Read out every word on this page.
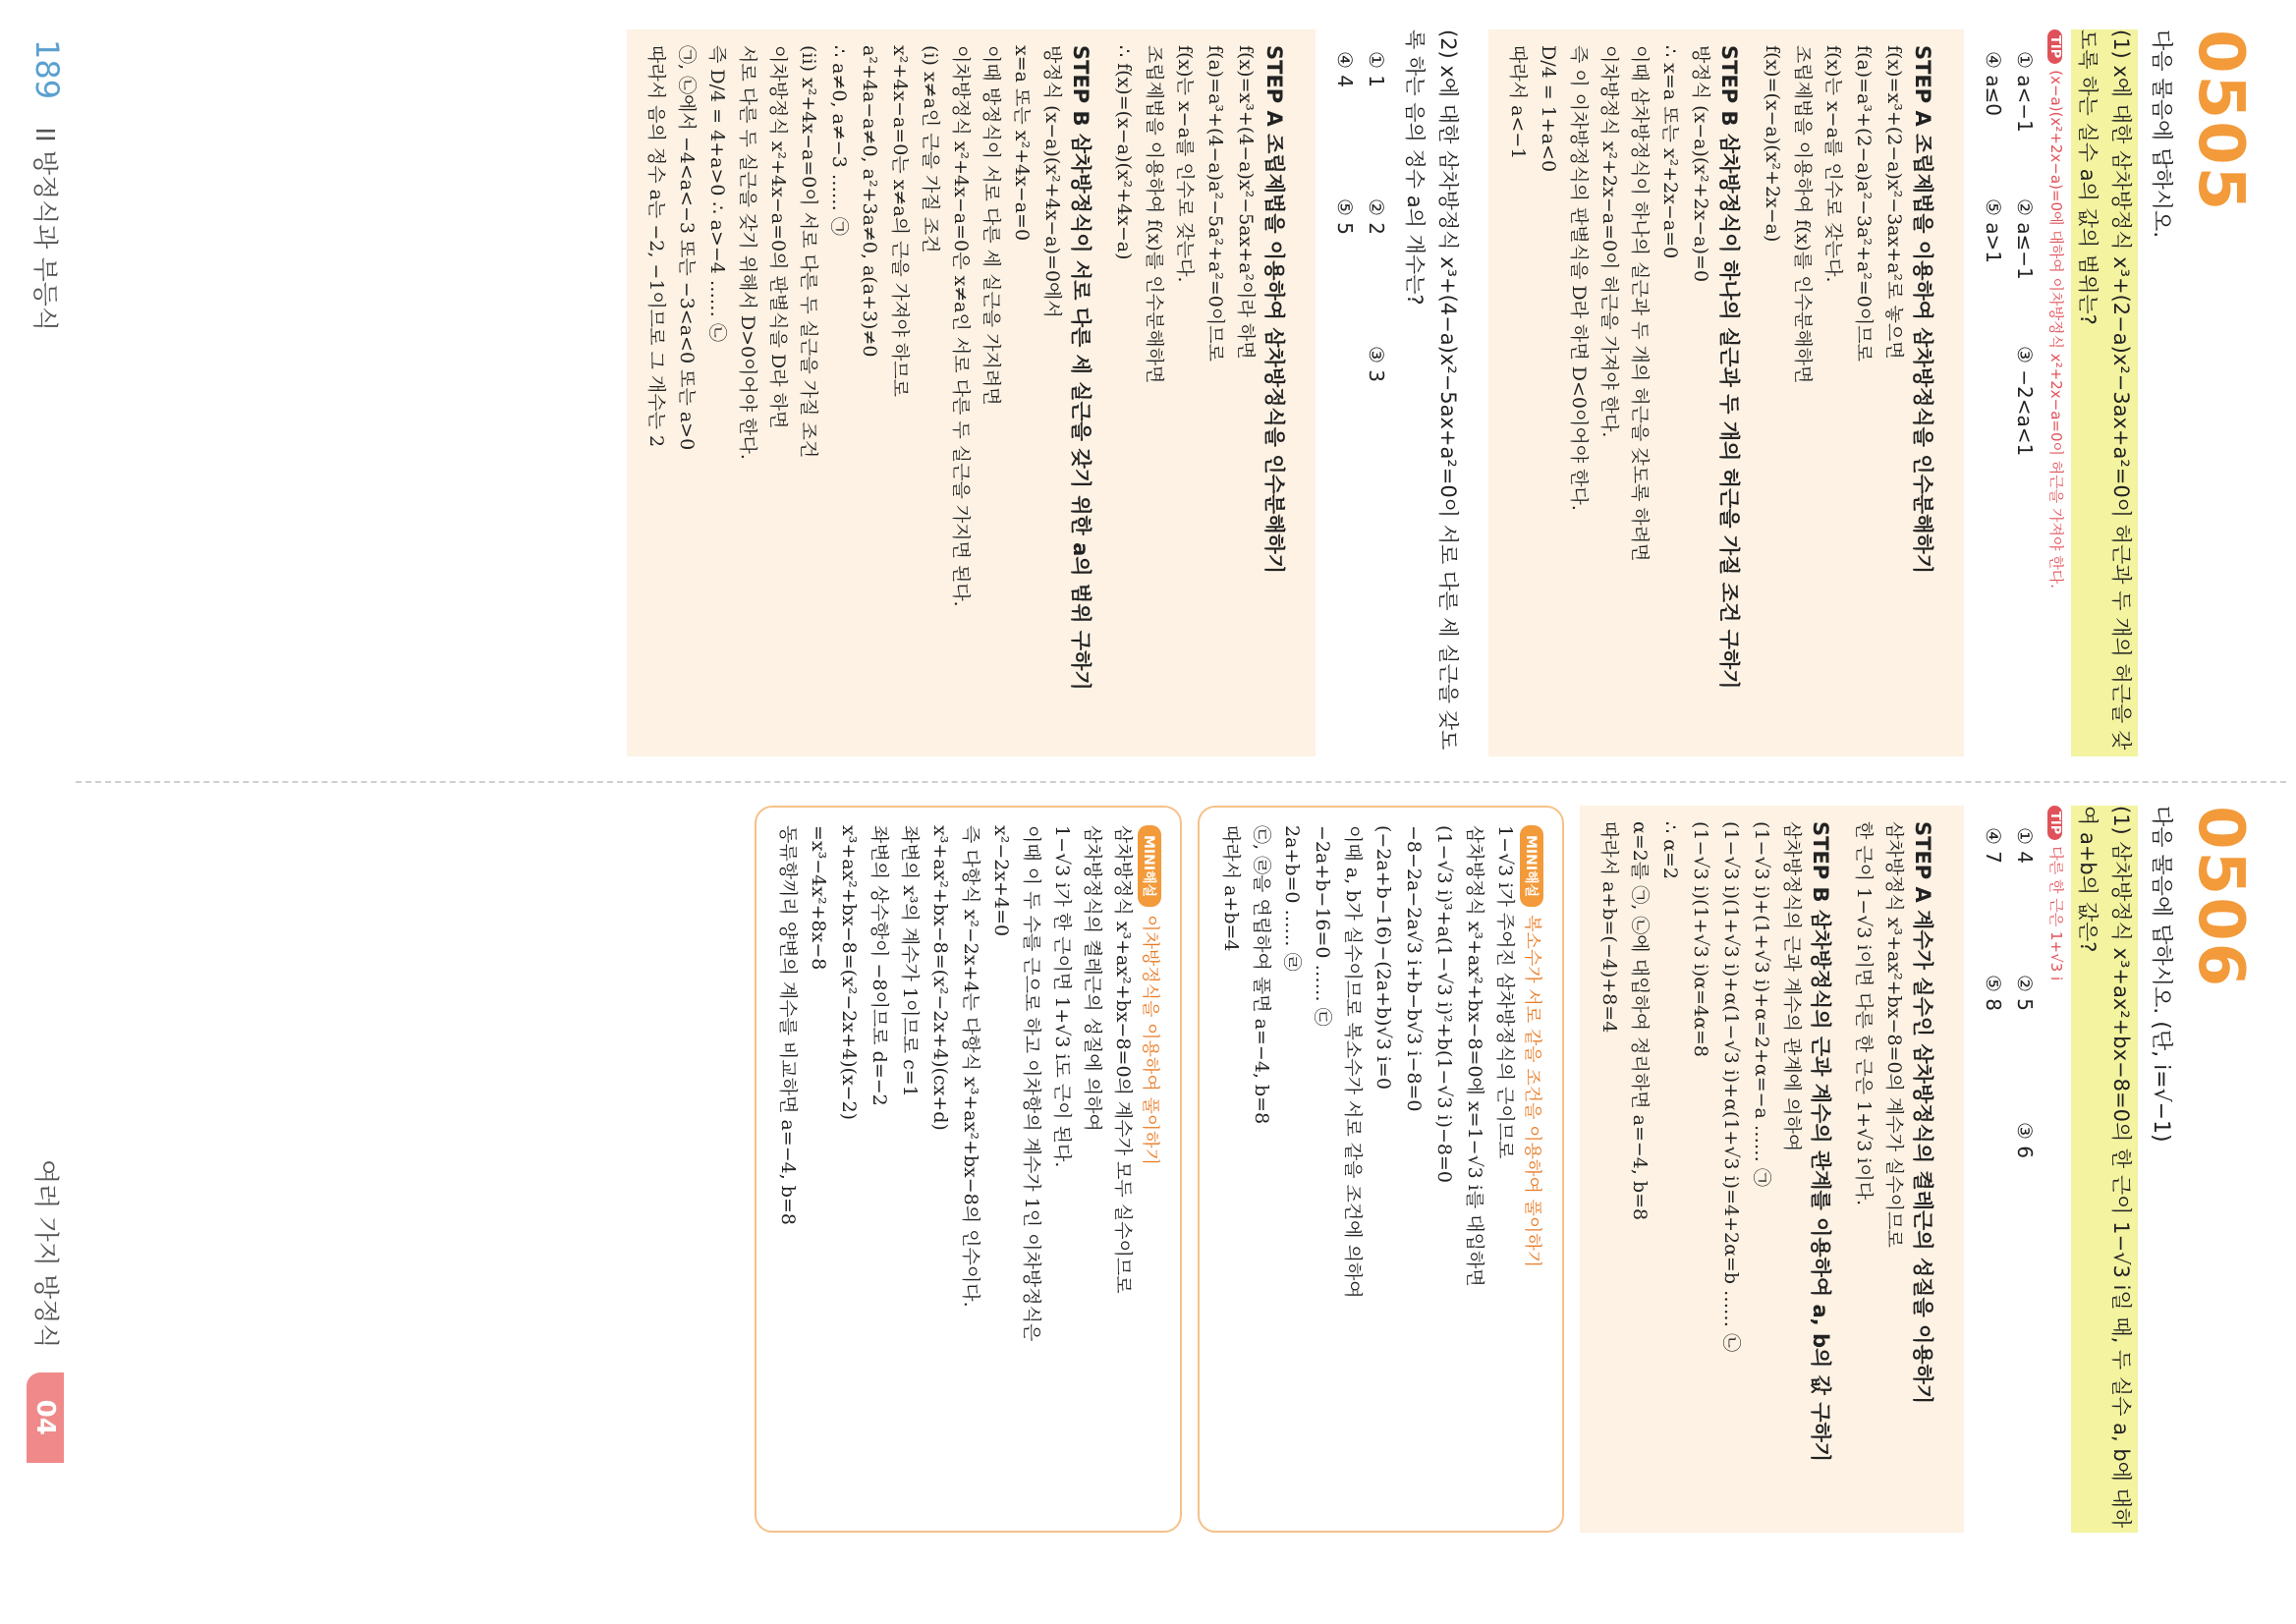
0505
다음 물음에 답하시오.
(1) x에 대한 삼차방정식 x³+(2−a)x²−3ax+a²=0이 허근과 두 개의 허근을 갖도록 하는 실수 a의 값의 범위는?
TIP(x−a)(x²+2x−a)=0에 대하여 이차방정식 x²+2x−a=0이 허근을 가져야 한다.
① a<−1
② a≤−1
③ −2<a<1
④ a≤0
⑤ a>1
STEP A 조립제법을 이용하여 삼차방정식을 인수분해하기
f(x)=x³+(2−a)x²−3ax+a²로 놓으면
f(a)=a³+(2−a)a²−3a²+a²=0이므로
f(x)는 x−a를 인수로 갖는다.
조립제법을 이용하여 f(x)를 인수분해하면
f(x)=(x−a)(x²+2x−a)
STEP B 삼차방정식이 하나의 실근과 두 개의 허근을 가질 조건 구하기
방정식 (x−a)(x²+2x−a)=0
∴ x=a 또는 x²+2x−a=0
이때 삼차방정식이 하나의 실근과 두 개의 허근을 갖도록 하려면
이차방정식 x²+2x−a=0이 허근을 가져야 한다.
즉 이 이차방정식의 판별식을 D라 하면 D<0이어야 한다.
D/4 = 1+a<0
따라서 a<−1
(2) x에 대한 삼차방정식 x³+(4−a)x²−5ax+a²=0이 서로 다른 세 실근을 갖도록 하는 음의 정수 a의 개수는?
① 1
② 2
③ 3
④ 4
⑤ 5
STEP A 조립제법을 이용하여 삼차방정식을 인수분해하기
f(x)=x³+(4−a)x²−5ax+a²이라 하면
f(a)=a³+(4−a)a²−5a²+a²=0이므로
f(x)는 x−a를 인수로 갖는다.
조립제법을 이용하여 f(x)를 인수분해하면
∴ f(x)=(x−a)(x²+4x−a)
STEP B 삼차방정식이 서로 다른 세 실근을 갖기 위한 a의 범위 구하기
방정식 (x−a)(x²+4x−a)=0에서
x=a 또는 x²+4x−a=0
이때 방정식이 서로 다른 세 실근을 가지려면
이차방정식 x²+4x−a=0은 x≠a인 서로 다른 두 실근을 가지면 된다.
(i) x≠a인 근을 가질 조건
x²+4x−a=0는 x≠a의 근을 가져야 하므로
a²+4a−a≠0, a²+3a≠0, a(a+3)≠0
∴ a≠0, a≠−3 …… ㉠
(ii) x²+4x−a=0이 서로 다른 두 실근을 가질 조건
이차방정식 x²+4x−a=0의 판별식을 D라 하면
서로 다른 두 실근을 갖기 위해서 D>0이어야 한다.
즉 D/4 = 4+a>0 ∴ a>−4 …… ㉡
㉠, ㉡에서 −4<a<−3 또는 −3<a<0 또는 a>0
따라서 음의 정수 a는 −2, −1이므로 그 개수는 2
0506
다음 물음에 답하시오. (단, i=√−1)
(1) 삼차방정식 x³+ax²+bx−8=0의 한 근이 1−√3 i일 때, 두 실수 a, b에 대하여 a+b의 값은?
TIP다른 한 근은 1+√3 i
① 4
② 5
③ 6
④ 7
⑤ 8
STEP A 계수가 실수인 삼차방정식의 켤레근의 성질을 이용하기
삼차방정식 x³+ax²+bx−8=0의 계수가 실수이므로
한 근이 1−√3 i이면 다른 한 근은 1+√3 i이다.
STEP B 삼차방정식의 근과 계수의 관계를 이용하여 a, b의 값 구하기
삼차방정식의 근과 계수의 관계에 의하여
(1−√3 i)+(1+√3 i)+α=2+α=−a …… ㉠
(1−√3 i)(1+√3 i)+α(1−√3 i)+α(1+√3 i)=4+2α=b …… ㉡
(1−√3 i)(1+√3 i)α=4α=8
∴ α=2
α=2를 ㉠, ㉡에 대입하여 정리하면 a=−4, b=8
따라서 a+b=(−4)+8=4
MINI해설복소수가 서로 같을 조건을 이용하여 풀이하기
1−√3 i가 주어진 삼차방정식의 근이므로
삼차방정식 x³+ax²+bx−8=0에 x=1−√3 i를 대입하면
(1−√3 i)³+a(1−√3 i)²+b(1−√3 i)−8=0
−8−2a−2a√3 i+b−b√3 i−8=0
(−2a+b−16)−(2a+b)√3 i=0
이때 a, b가 실수이므로 복소수가 서로 같을 조건에 의하여
−2a+b−16=0 …… ㉢
2a+b=0 …… ㉣
㉢, ㉣을 연립하여 풀면 a=−4, b=8
따라서 a+b=4
MINI해설이차방정식을 이용하여 풀이하기
삼차방정식 x³+ax²+bx−8=0의 계수가 모두 실수이므로
삼차방정식의 켤레근의 성질에 의하여
1−√3 i가 한 근이면 1+√3 i도 근이 된다.
이때 이 두 수를 근으로 하고 이차항의 계수가 1인 이차방정식은
x²−2x+4=0
즉 다항식 x²−2x+4는 다항식 x³+ax²+bx−8의 인수이다.
x³+ax²+bx−8=(x²−2x+4)(cx+d)
좌변의 x³의 계수가 1이므로 c=1
좌변의 상수항이 −8이므로 d=−2
x³+ax²+bx−8=(x²−2x+4)(x−2)
=x³−4x²+8x−8
동류항끼리 양변의 계수를 비교하면 a=−4, b=8
189 II 방정식과 부등식
여러 가지 방정식 04
